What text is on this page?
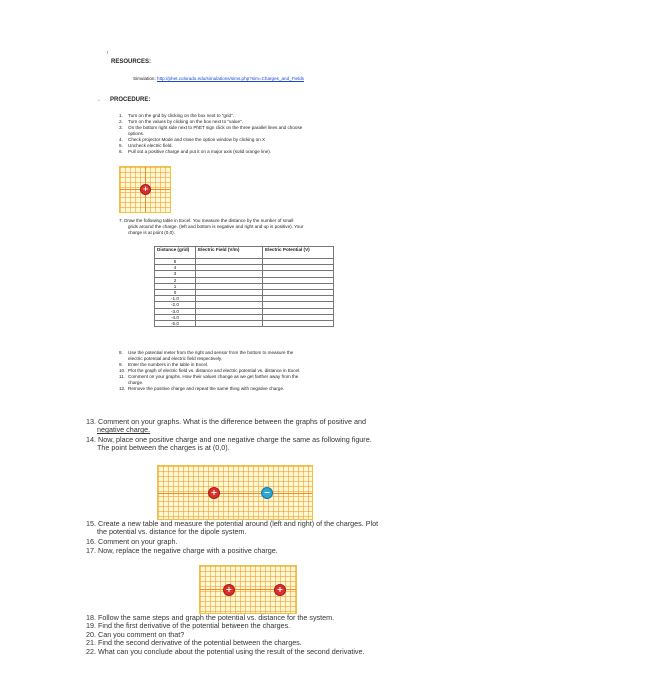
!
RESOURCES:
Simulation: http://phet.colorado.edu/simulations/sims.php?sim=Charges_and_Fields
• PROCEDURE:
1.	Turn on the grid by clicking on the box next to "grid".
2.	Turn on the values by clicking on the box next to "value".
3.	On the bottom right side next to PhET sign click on the three parallel lines and choose
options.
4.	Check projector Mode and close the option window by clicking on X
5.	Uncheck electric field.
6.	Pull out a positive charge and put it on a major axis (solid orange line).
+
7. Draw the following table in Excel. You measure the distance by the number of small
grids around the charge. (left and bottom is negative and right and up is positive). Your
charge is at point (0,0).
Distance (grid)	Electric Field (V/m)	Electric Potential (V)
5		
4		
3		
2		
1		
0		
-1.0		
-2.0		
-3.0		
-4.0		
-5.0		
8.	Use the potential meter from the right and sensor from the bottom to measure the
electric potential and electric field respectively.
9.	Enter the numbers in the table in Excel.
10. Plot the graph of electric field vs. distance and electric potential vs. distance in Excel.
11. Comment on your graphs. How their values change as we get farther away from the
charge.
12. Remove the positive charge and repeat the same thing with negative charge.
13. Comment on your graphs. What is the difference between the graphs of positive and
negative charge.
14. Now, place one positive charge and one negative charge the same as following figure.
The point between the charges is at (0,0).
+	−
15. Create a new table and measure the potential around (left and right) of the charges. Plot
the potential vs. distance for the dipole system.
16. Comment on your graph.
17. Now, replace the negative charge with a positive charge.
+	+
18. Follow the same steps and graph the potential vs. distance for the system.
19. Find the first derivative of the potential between the charges.
20. Can you comment on that?
21. Find the second derivative of the potential between the charges.
22. What can you conclude about the potential using the result of the second derivative.
